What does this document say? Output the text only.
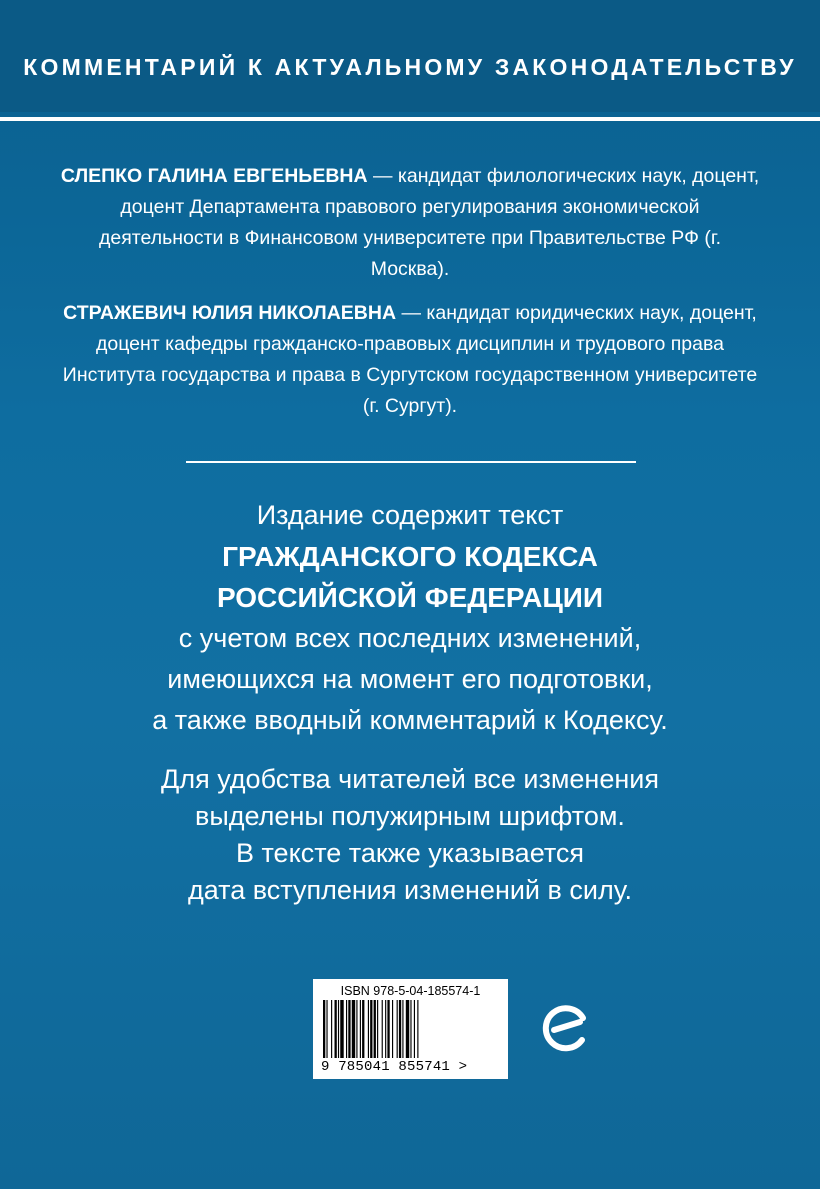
КОММЕНТАРИЙ К АКТУАЛЬНОМУ ЗАКОНОДАТЕЛЬСТВУ
СЛЕПКО ГАЛИНА ЕВГЕНЬЕВНА — кандидат филологических наук, доцент, доцент Департамента правового регулирования экономической деятельности в Финансовом университете при Правительстве РФ (г. Москва).
СТРАЖЕВИЧ ЮЛИЯ НИКОЛАЕВНА — кандидат юридических наук, доцент, доцент кафедры гражданско-правовых дисциплин и трудового права Института государства и права в Сургутском государственном университете (г. Сургут).

Издание содержит текст

ГРАЖДАНСКОГО КОДЕКСА

РОССИЙСКОЙ ФЕДЕРАЦИИ

с учетом всех последних изменений,

имеющихся на момент его подготовки,

а также вводный комментарий к Кодексу.

Для удобства читателей все изменения

выделены полужирным шрифтом.

В тексте также указывается

дата вступления изменений в силу.

ISBN 978-5-04-185574-1
9 785041 855741 >
